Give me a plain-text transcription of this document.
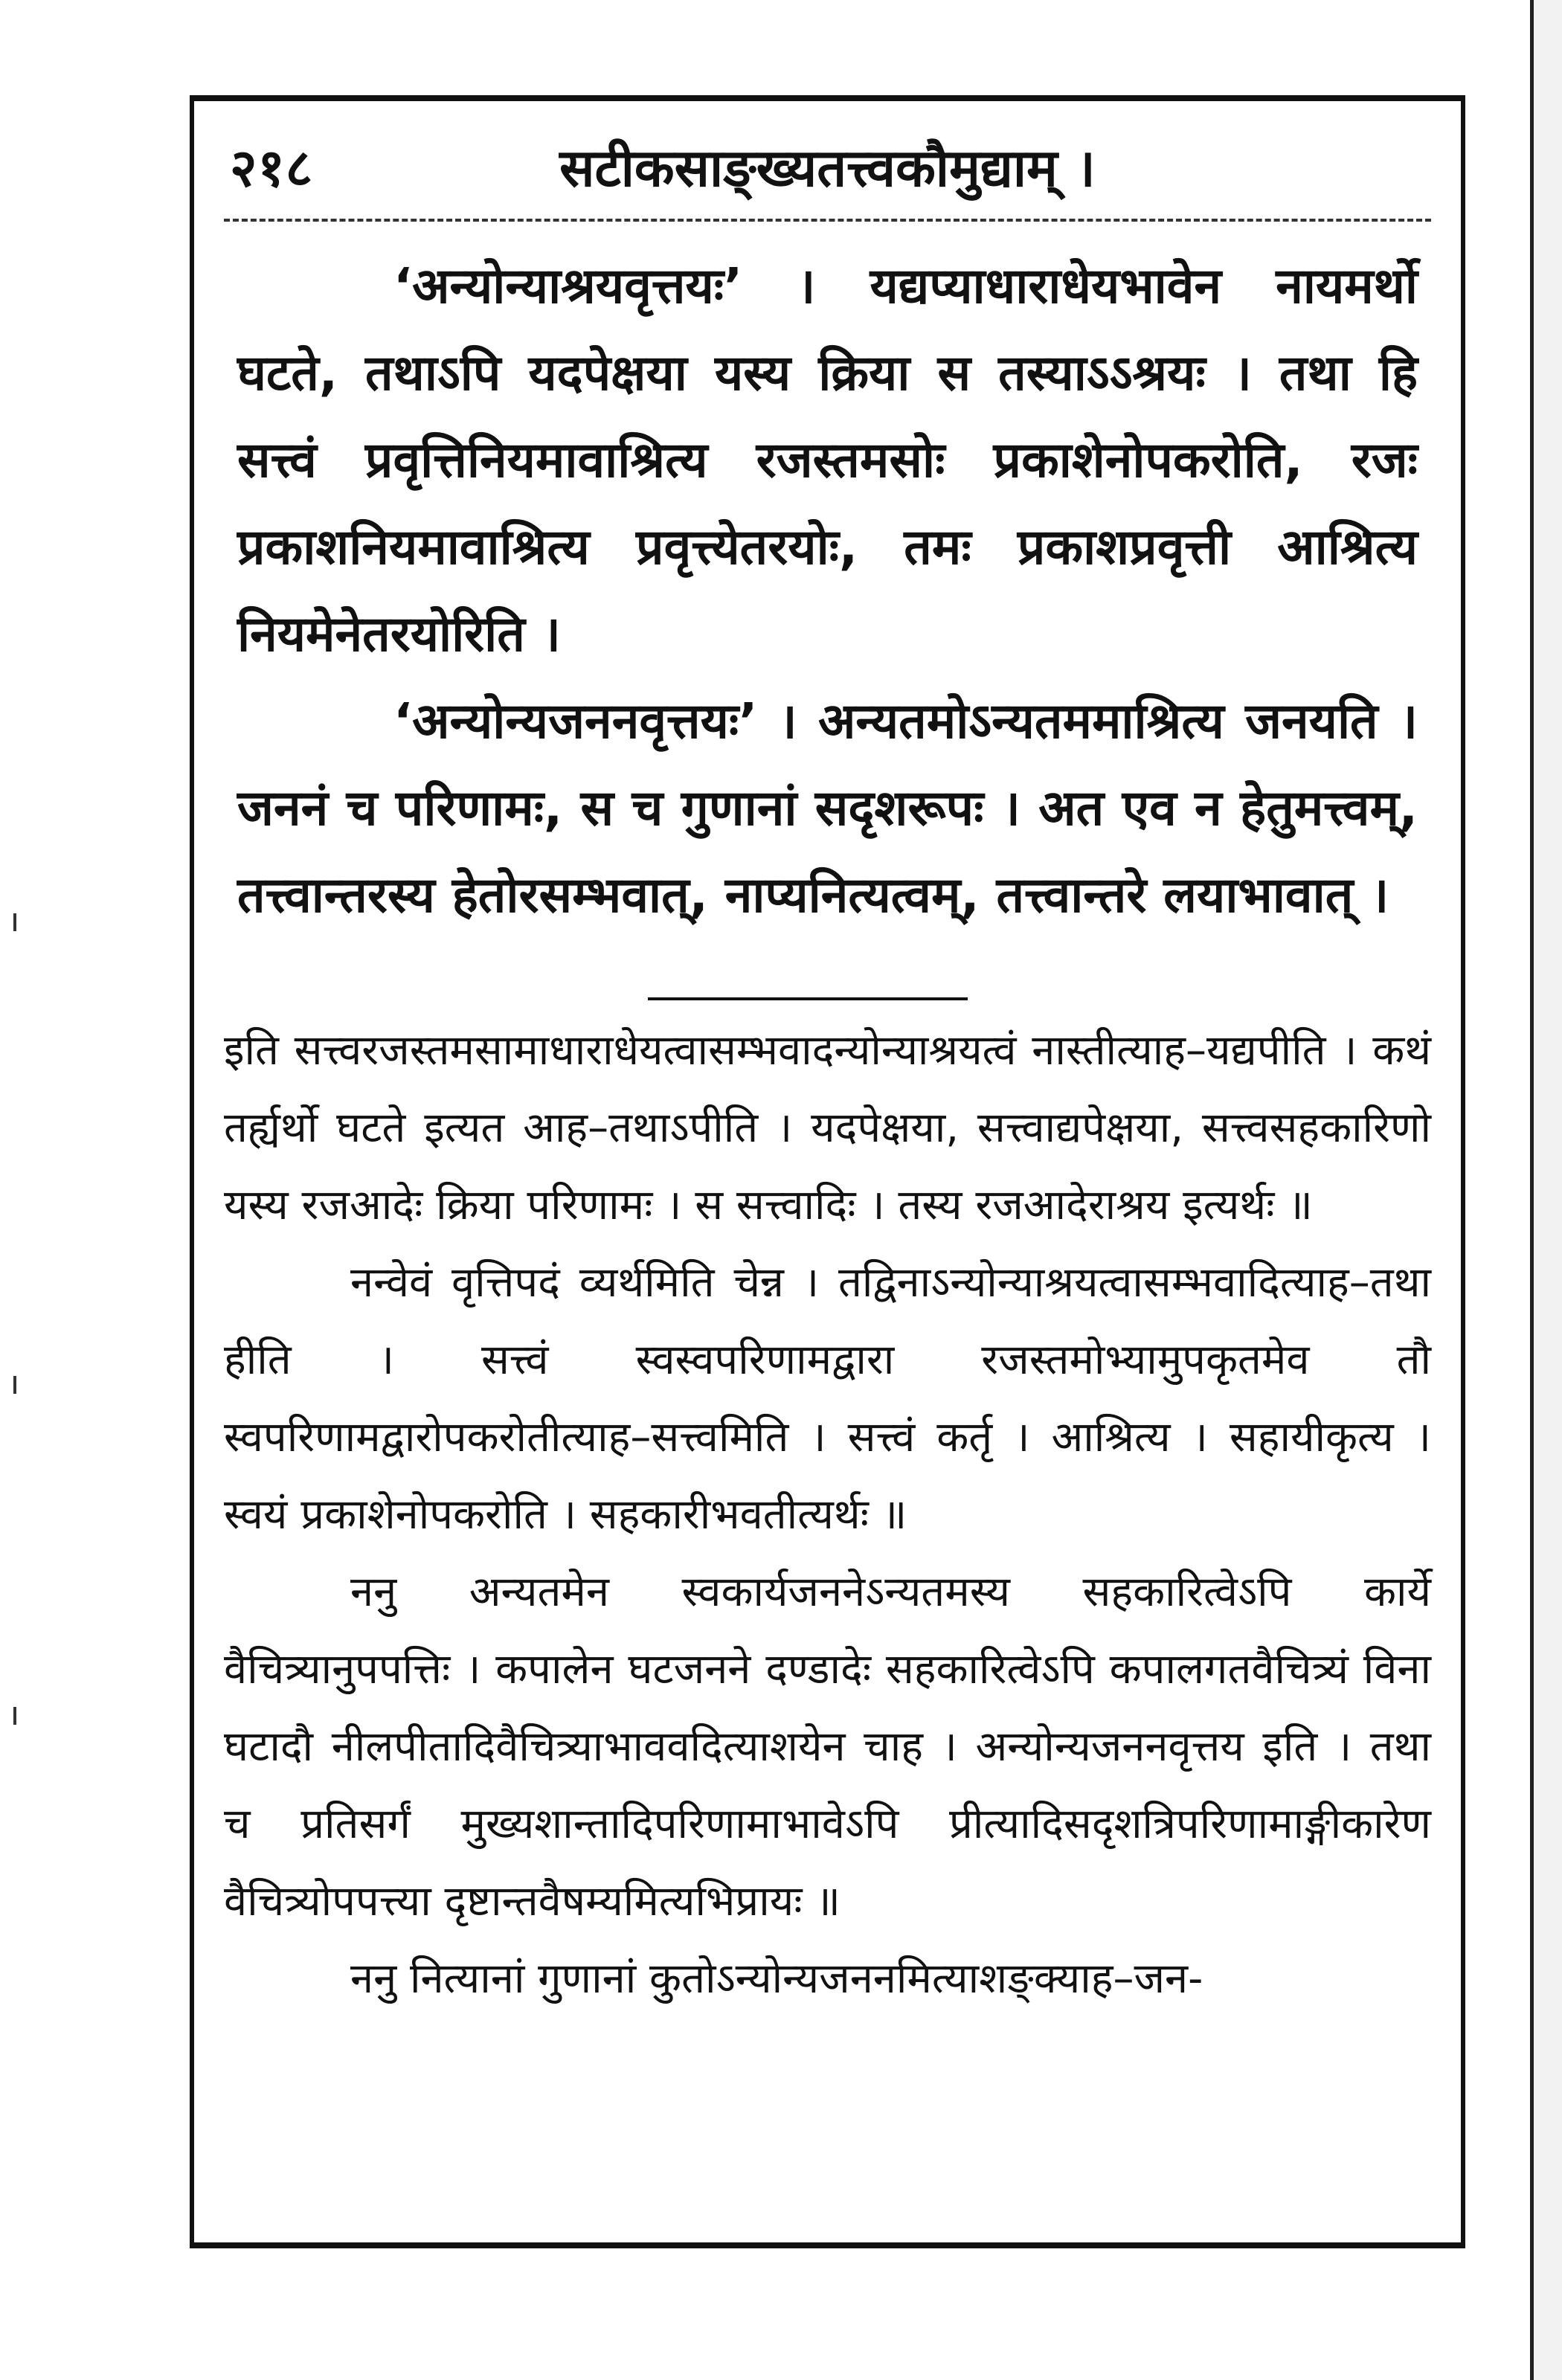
२१८	सटीकसाङ्ख्यतत्त्वकौमुद्याम् ।

‘अन्योन्याश्रयवृत्तयः’ । यद्यप्याधाराधेयभावेन नायमर्थो घटते, तथाऽपि यदपेक्षया यस्य क्रिया स तस्याऽऽश्रयः । तथा हि सत्त्वं प्रवृत्तिनियमावाश्रित्य रजस्तमसोः प्रकाशेनोपकरोति, रजः प्रकाशनियमावाश्रित्य प्रवृत्त्येतरयोः, तमः प्रकाशप्रवृत्ती आश्रित्य नियमेनेतरयोरिति ।

‘अन्योन्यजननवृत्तयः’ । अन्यतमोऽन्यतममाश्रित्य जनयति । जननं च परिणामः, स च गुणानां सदृशरूपः । अत एव न हेतुमत्त्वम्, तत्त्वान्तरस्य हेतोरसम्भवात्, नाप्यनित्यत्वम्, तत्त्वान्तरे लयाभावात् ।

इति सत्त्वरजस्तमसामाधाराधेयत्वासम्भवादन्योन्याश्रयत्वं नास्तीत्याह–यद्यपीति । कथं तर्ह्यर्थो घटते इत्यत आह–तथाऽपीति । यदपेक्षया, सत्त्वाद्यपेक्षया, सत्त्वसहकारिणो यस्य रजआदेः क्रिया परिणामः । स सत्त्वादिः । तस्य रजआदेराश्रय इत्यर्थः ॥

नन्वेवं वृत्तिपदं व्यर्थमिति चेन्न । तद्विनाऽन्योन्याश्रयत्वासम्भवादित्याह–तथा हीति । सत्त्वं स्वस्वपरिणामद्वारा रजस्तमोभ्यामुपकृतमेव तौ स्वपरिणामद्वारोपकरोतीत्याह–सत्त्वमिति । सत्त्वं कर्तृ । आश्रित्य । सहायीकृत्य । स्वयं प्रकाशेनोपकरोति । सहकारीभवतीत्यर्थः ॥

ननु अन्यतमेन स्वकार्यजननेऽन्यतमस्य सहकारित्वेऽपि कार्ये वैचित्र्यानुपपत्तिः । कपालेन घटजनने दण्डादेः सहकारित्वेऽपि कपालगतवैचित्र्यं विना घटादौ नीलपीतादिवैचित्र्याभाववदित्याशयेन चाह । अन्योन्यजननवृत्तय इति । तथा च प्रतिसर्गं मुख्यशान्तादिपरिणामाभावेऽपि प्रीत्यादिसदृशत्रिपरिणामाङ्गीकारेण वैचित्र्योपपत्त्या दृष्टान्तवैषम्यमित्यभिप्रायः ॥

ननु नित्यानां गुणानां कुतोऽन्योन्यजननमित्याशङ्क्याह–जन-
